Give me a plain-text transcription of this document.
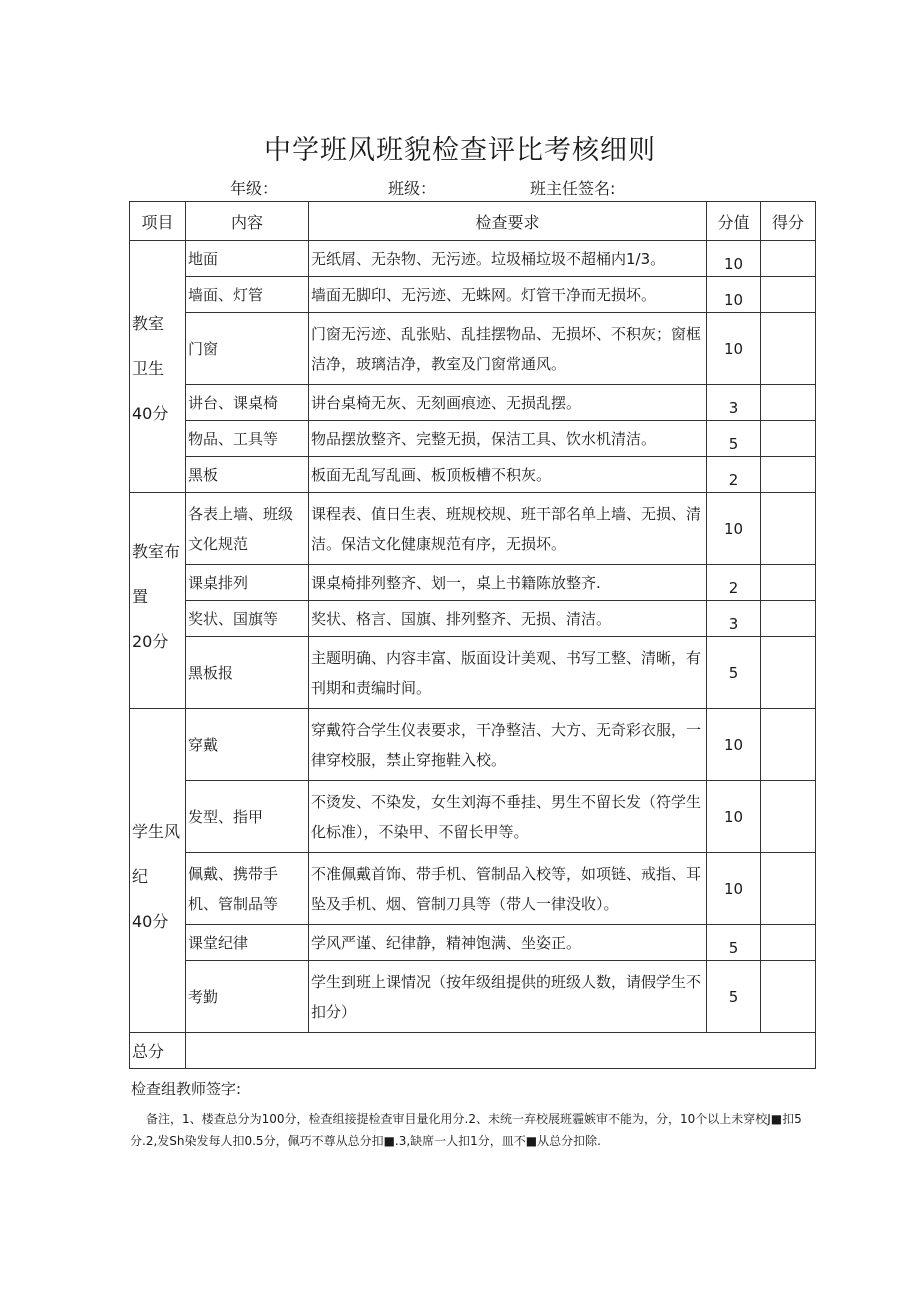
中学班风班貌检查评比考核细则
年级：	班级：	班主任签名:
项目	内容	检查要求	分值	得分

教室
卫生
40分	地面	无纸屑、无杂物、无污迹。垃圾桶垃圾不超桶内1/3。	10	
	墙面、灯管	墙面无脚印、无污迹、无蛛网。灯管干净而无损坏。	10	
	门窗	门窗无污迹、乱张贴、乱挂摆物品、无损坏、不积灰；窗框洁净，玻璃洁净，教室及门窗常通风。	10	
	讲台、课桌椅	讲台桌椅无灰、无刻画痕迹、无损乱摆。	3	
	物品、工具等	物品摆放整齐、完整无损，保洁工具、饮水机清洁。	5	
	黑板	板面无乱写乱画、板顶板槽不积灰。	2	

教室布
置
20分	各表上墙、班级文化规范	课程表、值日生表、班规校规、班干部名单上墙、无损、清洁。保洁文化健康规范有序，无损坏。	10	
	课桌排列	课桌椅排列整齐、划一，桌上书籍陈放整齐.	2	
	奖状、国旗等	奖状、格言、国旗、排列整齐、无损、清洁。	3	
	黑板报	主题明确、内容丰富、版面设计美观、书写工整、清晰，有刊期和责编时间。	5	

学生风
纪
40分	穿戴	穿戴符合学生仪表要求，干净整洁、大方、无奇彩衣服，一律穿校服，禁止穿拖鞋入校。	10	
	发型、指甲	不烫发、不染发，女生刘海不垂挂、男生不留长发（符学生化标准），不染甲、不留长甲等。	10	
	佩戴、携带手机、管制品等	不准佩戴首饰、带手机、管制品入校等，如项链、戒指、耳坠及手机、烟、管制刀具等（带人一律没收）。	10	
	课堂纪律	学风严谨、纪律静，精神饱满、坐姿正。	5	
	考勤	学生到班上课情况（按年级组提供的班级人数，请假学生不扣分）	5	
总分				
检查组教师签字:
备注，1、楼查总分为100分，检查组接提检查审目量化用分.2、未统一弃校展班霾嫉审不能为，分，10个以上未穿校J■扣5分.2,发Sh染发每人扣0.5分，佩巧不尊从总分扣■.3,缺席一人扣1分，皿不■从总分扣除.
